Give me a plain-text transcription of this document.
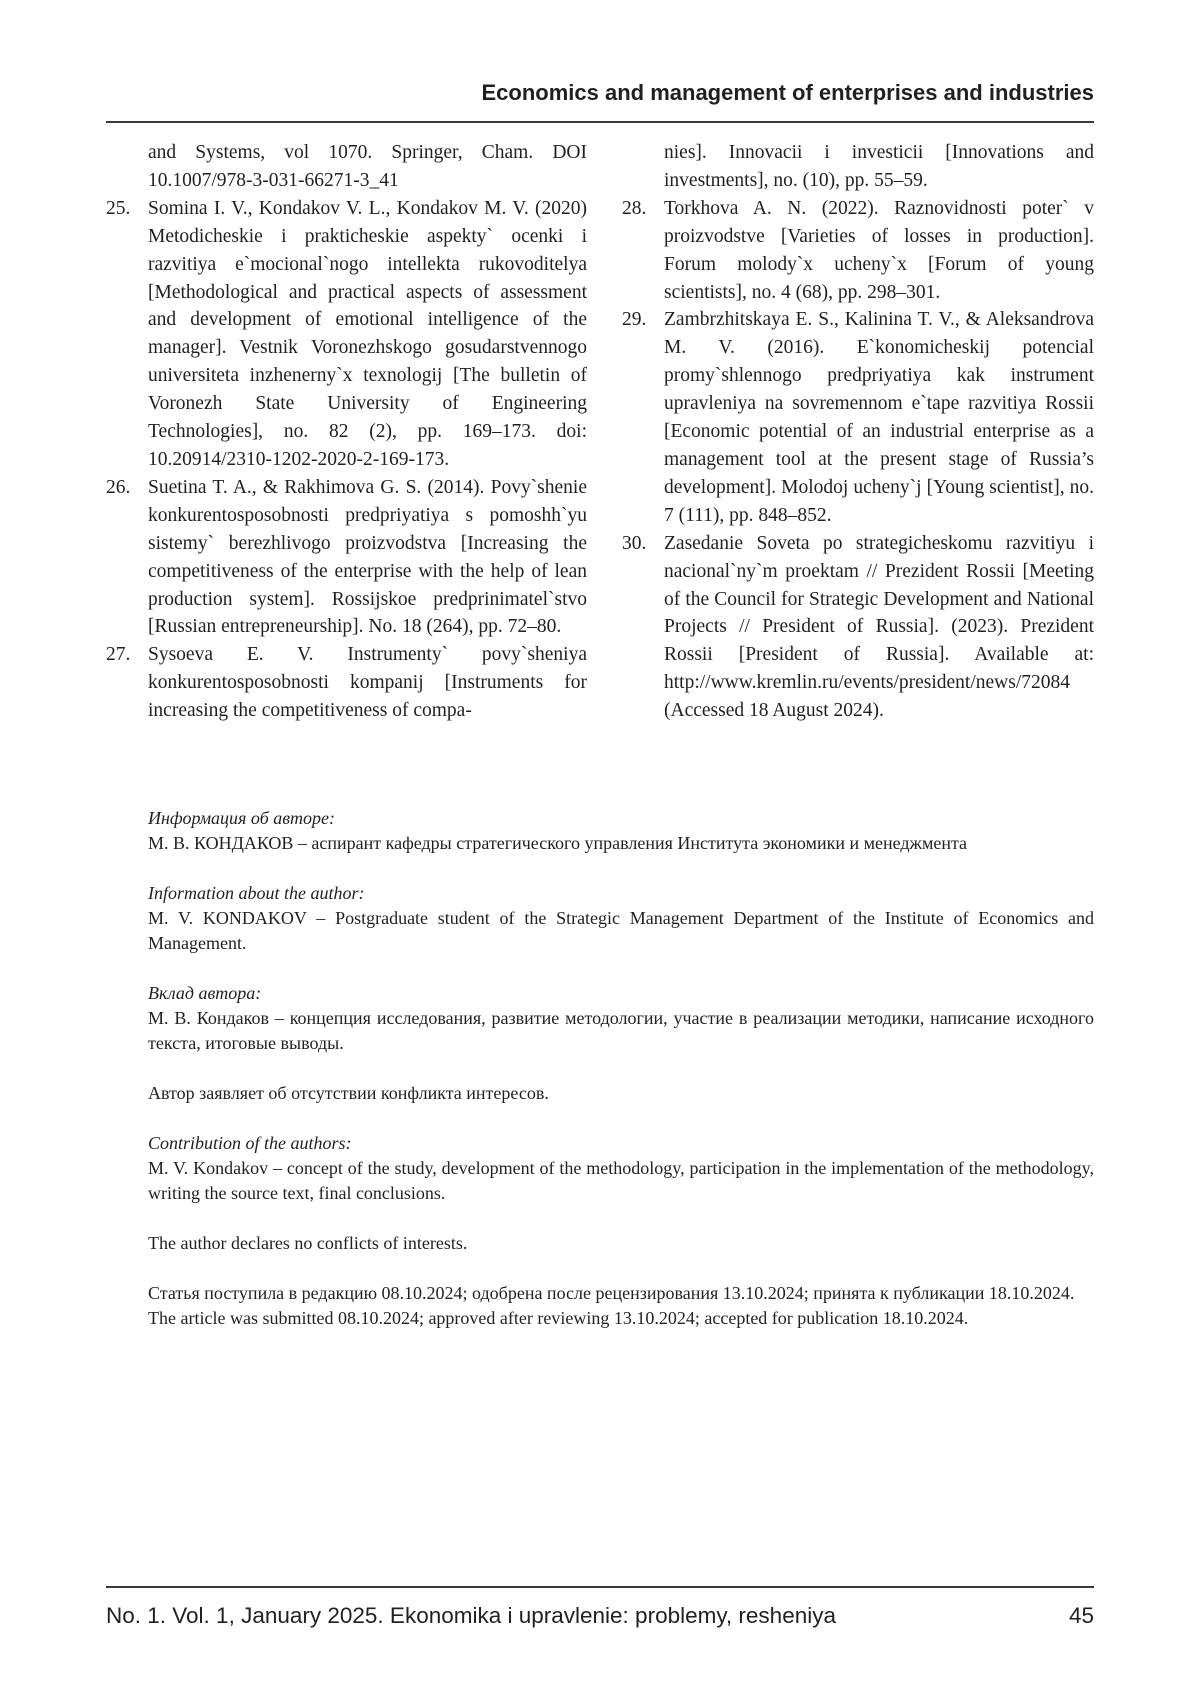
Economics and management of enterprises and industries
and Systems, vol 1070. Springer, Cham. DOI 10.1007/978-3-031-66271-3_41
25. Somina I. V., Kondakov V. L., Kondakov M. V. (2020) Metodicheskie i prakticheskie aspekty` ocenki i razvitiya e`mocional`nogo intellekta rukovoditelya [Methodological and practical aspects of assessment and development of emotional intelligence of the manager]. Vestnik Voronezhskogo gosudarstvennogo universiteta inzhenerny`x texnologij [The bulletin of Voronezh State University of Engineering Technologies], no. 82 (2), pp. 169–173. doi: 10.20914/2310-1202-2020-2-169-173.
26. Suetina T. A., & Rakhimova G. S. (2014). Povy`shenie konkurentosposobnosti predpriyatiya s pomoshh`yu sistemy` berezhlivogo proizvodstva [Increasing the competitiveness of the enterprise with the help of lean production system]. Rossijskoe predprinimatel`stvo [Russian entrepreneurship]. No. 18 (264), pp. 72–80.
27. Sysoeva E. V. Instrumenty` povy`sheniya konkurentosposobnosti kompanij [Instruments for increasing the competitiveness of compa-
nies]. Innovacii i investicii [Innovations and investments], no. (10), pp. 55–59.
28. Torkhova A. N. (2022). Raznovidnosti poter` v proizvodstve [Varieties of losses in production]. Forum molody`x ucheny`x [Forum of young scientists], no. 4 (68), pp. 298–301.
29. Zambrzhitskaya E. S., Kalinina T. V., & Aleksandrova M. V. (2016). E`konomicheskij potencial promy`shlennogo predpriyatiya kak instrument upravleniya na sovremennom e`tape razvitiya Rossii [Economic potential of an industrial enterprise as a management tool at the present stage of Russia’s development]. Molodoj ucheny`j [Young scientist], no. 7 (111), pp. 848–852.
30. Zasedanie Soveta po strategicheskomu razvitiyu i nacional`ny`m proektam // Prezident Rossii [Meeting of the Council for Strategic Development and National Projects // President of Russia]. (2023). Prezident Rossii [President of Russia]. Available at: http://www.kremlin.ru/events/president/news/72084 (Accessed 18 August 2024).

Информация об авторе:
М. В. КОНДАКОВ – аспирант кафедры стратегического управления Института экономики и менеджмента

Information about the author:
M. V. KONDAKOV – Postgraduate student of the Strategic Management Department of the Institute of Economics and Management.

Вклад автора:
М. В. Кондаков – концепция исследования, развитие методологии, участие в реализации методики, написание исходного текста, итоговые выводы.

Автор заявляет об отсутствии конфликта интересов.

Contribution of the authors:
M. V. Kondakov – concept of the study, development of the methodology, participation in the implementation of the methodology, writing the source text, final conclusions.

The author declares no conflicts of interests.

Статья поступила в редакцию 08.10.2024; одобрена после рецензирования 13.10.2024; принята к публикации 18.10.2024.
The article was submitted 08.10.2024; approved after reviewing 13.10.2024; accepted for publication 18.10.2024.

No. 1. Vol. 1, January 2025. Ekonomika i upravlenie: problemy, resheniya	45
